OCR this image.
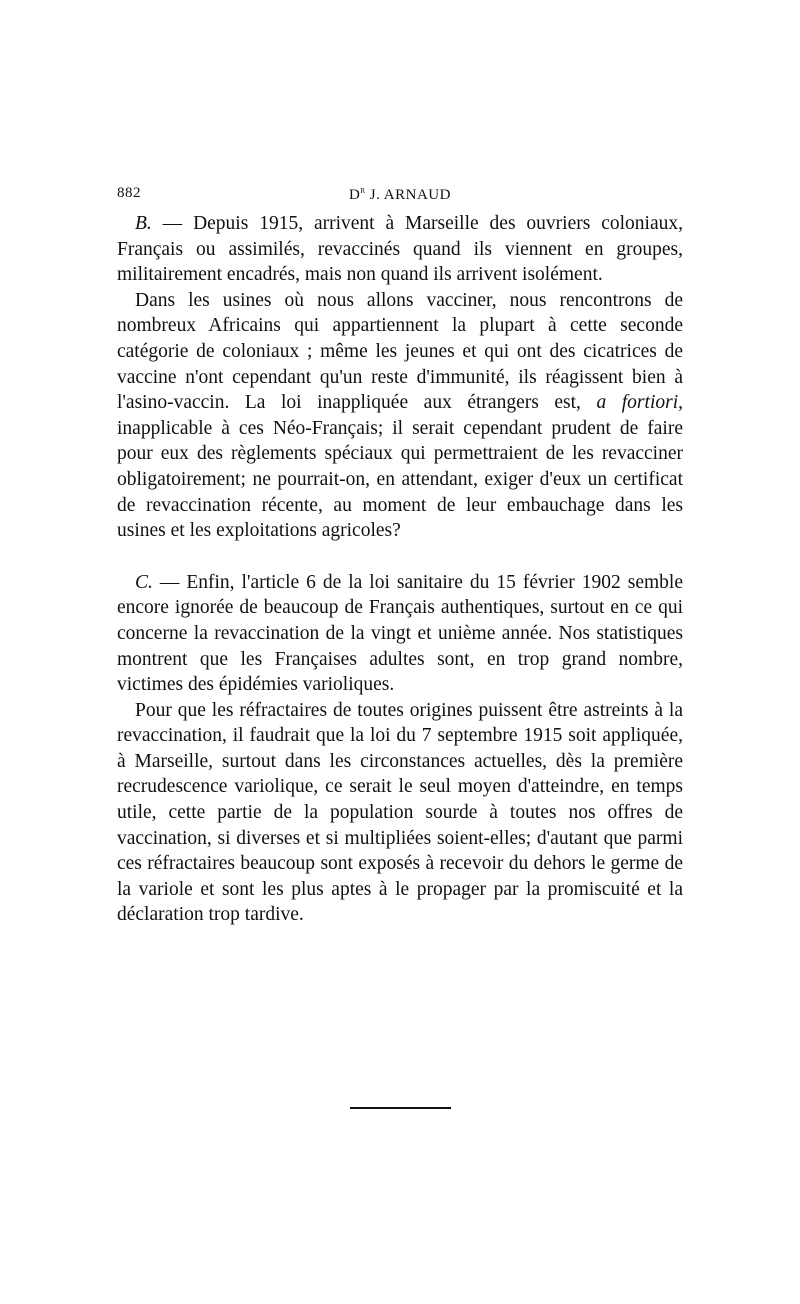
882	$D^r$ J. ARNAUD

B. — Depuis 1915, arrivent à Marseille des ouvriers coloniaux, Français ou assimilés, revaccinés quand ils viennent en groupes, militairement encadrés, mais non quand ils arrivent isolément.

Dans les usines où nous allons vacciner, nous rencontrons de nombreux Africains qui appartiennent la plupart à cette seconde catégorie de coloniaux ; même les jeunes et qui ont des cicatrices de vaccine n'ont cependant qu'un reste d'immunité, ils réagissent bien à l'asino-vaccin. La loi inappliquée aux étrangers est, a fortiori, inapplicable à ces Néo-Français; il serait cependant prudent de faire pour eux des règlements spéciaux qui permettraient de les revacciner obligatoirement; ne pourrait-on, en attendant, exiger d'eux un certificat de revaccination récente, au moment de leur embauchage dans les usines et les exploitations agricoles?

C. — Enfin, l'article 6 de la loi sanitaire du 15 février 1902 semble encore ignorée de beaucoup de Français authentiques, surtout en ce qui concerne la revaccination de la vingt et unième année. Nos statistiques montrent que les Françaises adultes sont, en trop grand nombre, victimes des épidémies varioliques.

Pour que les réfractaires de toutes origines puissent être astreints à la revaccination, il faudrait que la loi du 7 septembre 1915 soit appliquée, à Marseille, surtout dans les circonstances actuelles, dès la première recrudescence variolique, ce serait le seul moyen d'atteindre, en temps utile, cette partie de la population sourde à toutes nos offres de vaccination, si diverses et si multipliées soient-elles; d'autant que parmi ces réfractaires beaucoup sont exposés à recevoir du dehors le germe de la variole et sont les plus aptes à le propager par la promiscuité et la déclaration trop tardive.
